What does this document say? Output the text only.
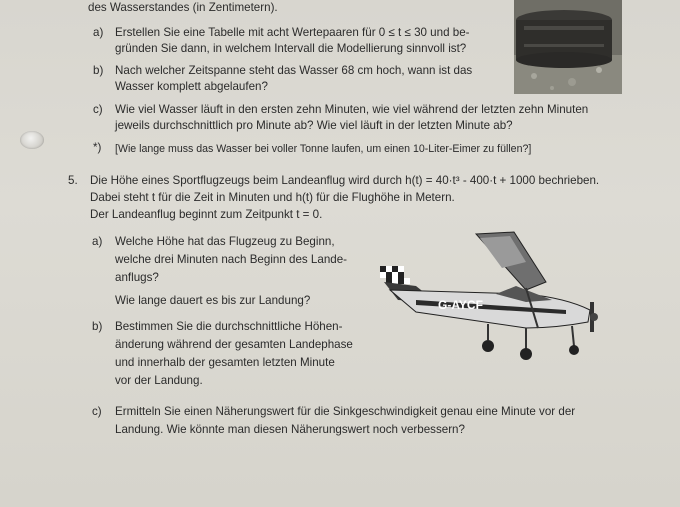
des Wasserstandes (in Zentimetern).
a) Erstellen Sie eine Tabelle mit acht Wertepaaren für 0 ≤ t ≤ 30 und be-
gründen Sie dann, in welchem Intervall die Modellierung sinnvoll ist?
b) Nach welcher Zeitspanne steht das Wasser 68 cm hoch, wann ist das
Wasser komplett abgelaufen?
c) Wie viel Wasser läuft in den ersten zehn Minuten, wie viel während der letzten zehn Minuten
jeweils durchschnittlich pro Minute ab? Wie viel läuft in der letzten Minute ab?
*) [Wie lange muss das Wasser bei voller Tonne laufen, um einen 10-Liter-Eimer zu füllen?]
5. Die Höhe eines Sportflugzeugs beim Landeanflug wird durch h(t) = 40·t³ - 400·t + 1000 bechrieben.
Dabei steht t für die Zeit in Minuten und h(t) für die Flughöhe in Metern.
Der Landeanflug beginnt zum Zeitpunkt t = 0.
a) Welche Höhe hat das Flugzeug zu Beginn,
welche drei Minuten nach Beginn des Lande-
anflugs?
Wie lange dauert es bis zur Landung?
b) Bestimmen Sie die durchschnittliche Höhen-
änderung während der gesamten Landephase
und innerhalb der gesamten letzten Minute
vor der Landung.
c) Ermitteln Sie einen Näherungswert für die Sinkgeschwindigkeit genau eine Minute vor der
Landung. Wie könnte man diesen Näherungswert noch verbessern?
G-AYCF
